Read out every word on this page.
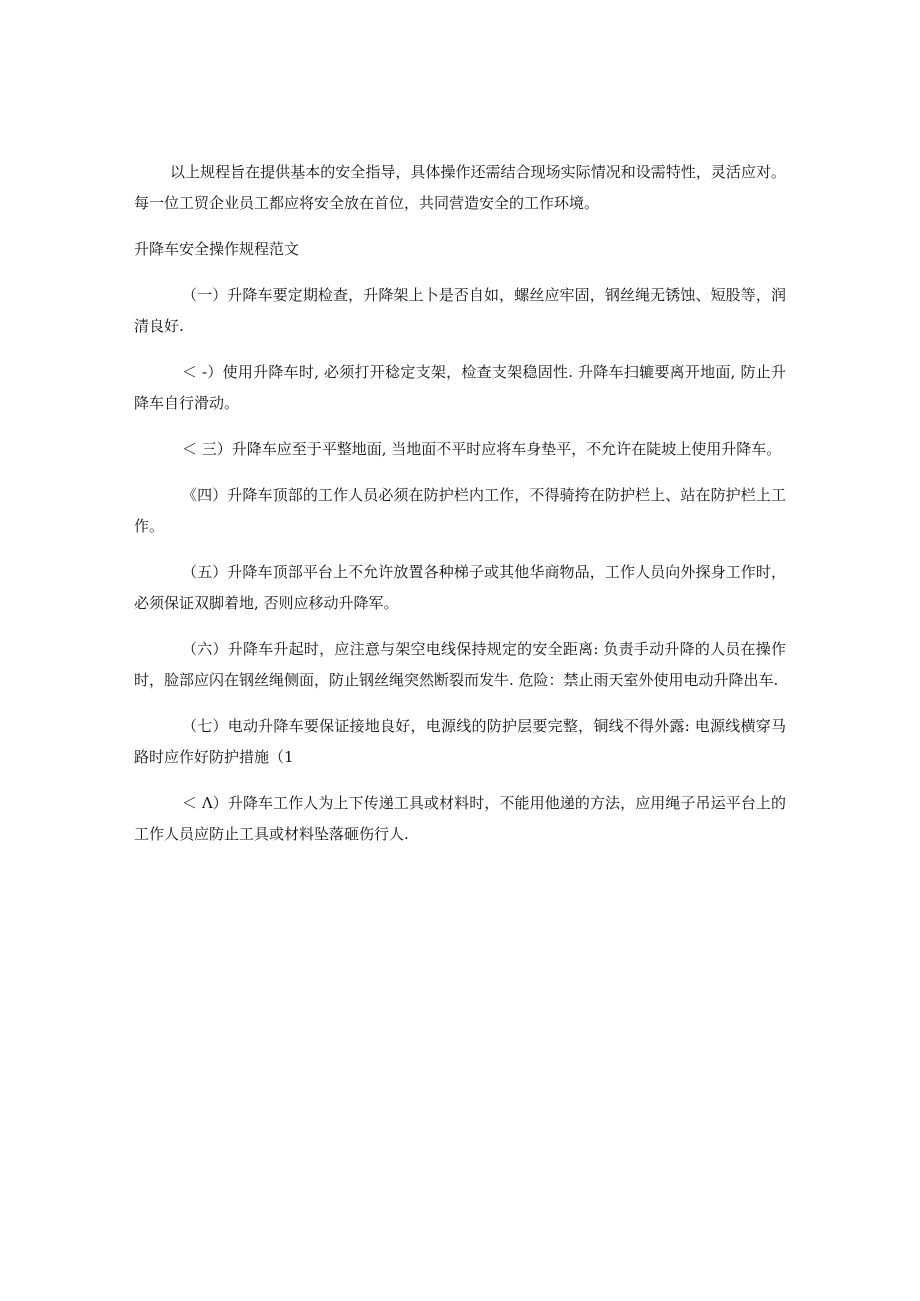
以上规程旨在提供基本的安全指导，具体操作还需结合现场实际情况和设需特性，灵活应对。每一位工贸企业员工都应将安全放在首位，共同营造安全的工作环境。

升降车安全操作规程范文

（一）升降车要定期检查，升降架上卜是否自如，螺丝应牢固，钢丝绳无锈蚀、短股等，润清良好.

＜ -）使用升降车时, 必须打开稔定支架，检查支架稳固性. 升降车扫辘要离开地面, 防止升降车自行滑动。

＜ 三）升降车应至于平整地面, 当地面不平时应将车身垫平，不允许在陡坡上使用升降车。

《四）升降车顶部的工作人员必须在防护栏内工作，不得骑挎在防护栏上、站在防护栏上工作。

（五）升降车顶部平台上不允许放置各种梯子或其他华商物品，工作人员向外探身工作时，必须保证双脚着地, 否则应移动升降军。

（六）升降车升起时，应注意与架空电线保持规定的安全距离: 负责手动升降的人员在操作时，脸部应闪在钢丝绳侧面，防止钢丝绳突然断裂而发牛. 危险：禁止雨天室外使用电动升降出车.

（七）电动升降车要保证接地良好，电源线的防护层要完整，铜线不得外露: 电源线横穿马路时应作好防护措施（1

＜ Λ）升降车工作人为上下传递工具或材料时，不能用他递的方法，应用绳子吊运平台上的工作人员应防止工具或材料坠落砸伤行人.
